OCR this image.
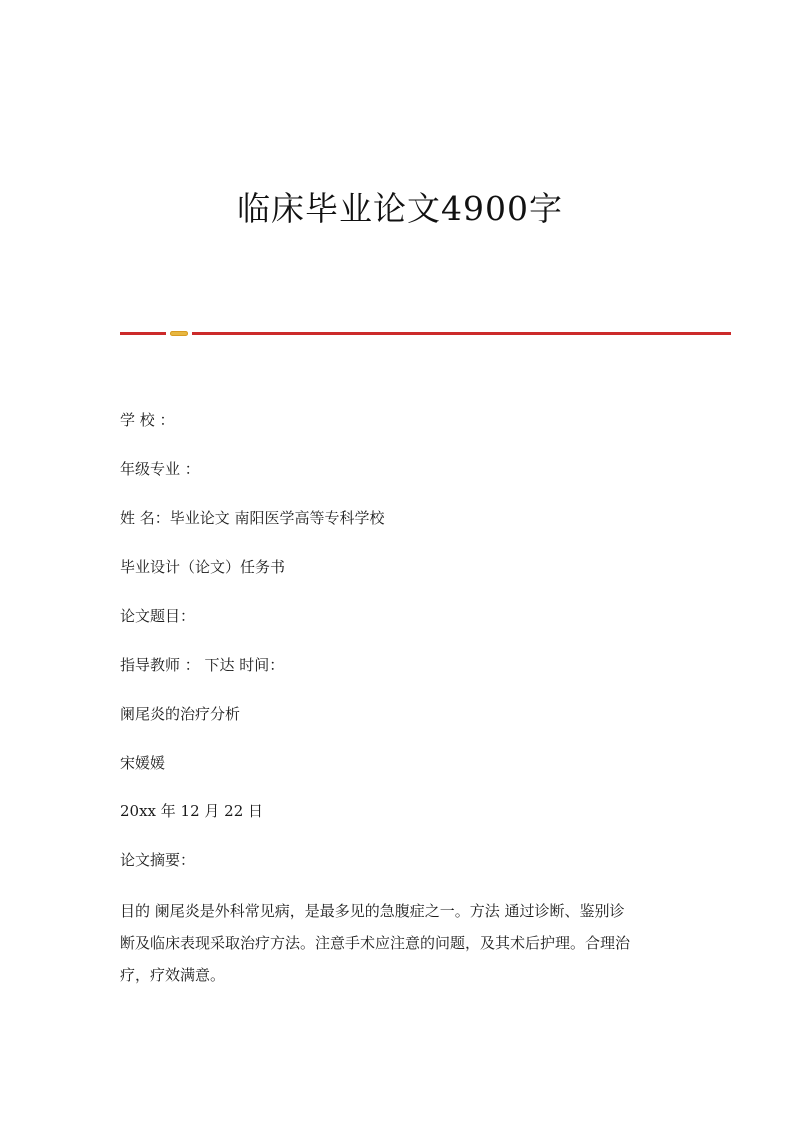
临床毕业论文4900字
学 校 ：
年级专业 ：
姓 名：毕业论文 南阳医学高等专科学校
毕业设计（论文）任务书
论文题目：
指导教师 ： 下达 时间：
阑尾炎的治疗分析
宋媛媛
20xx 年 12 月 22 日
论文摘要：
目的 阑尾炎是外科常见病，是最多见的急腹症之一。方法 通过诊断、鉴别诊
断及临床表现采取治疗方法。注意手术应注意的问题，及其术后护理。合理治
疗，疗效满意。
